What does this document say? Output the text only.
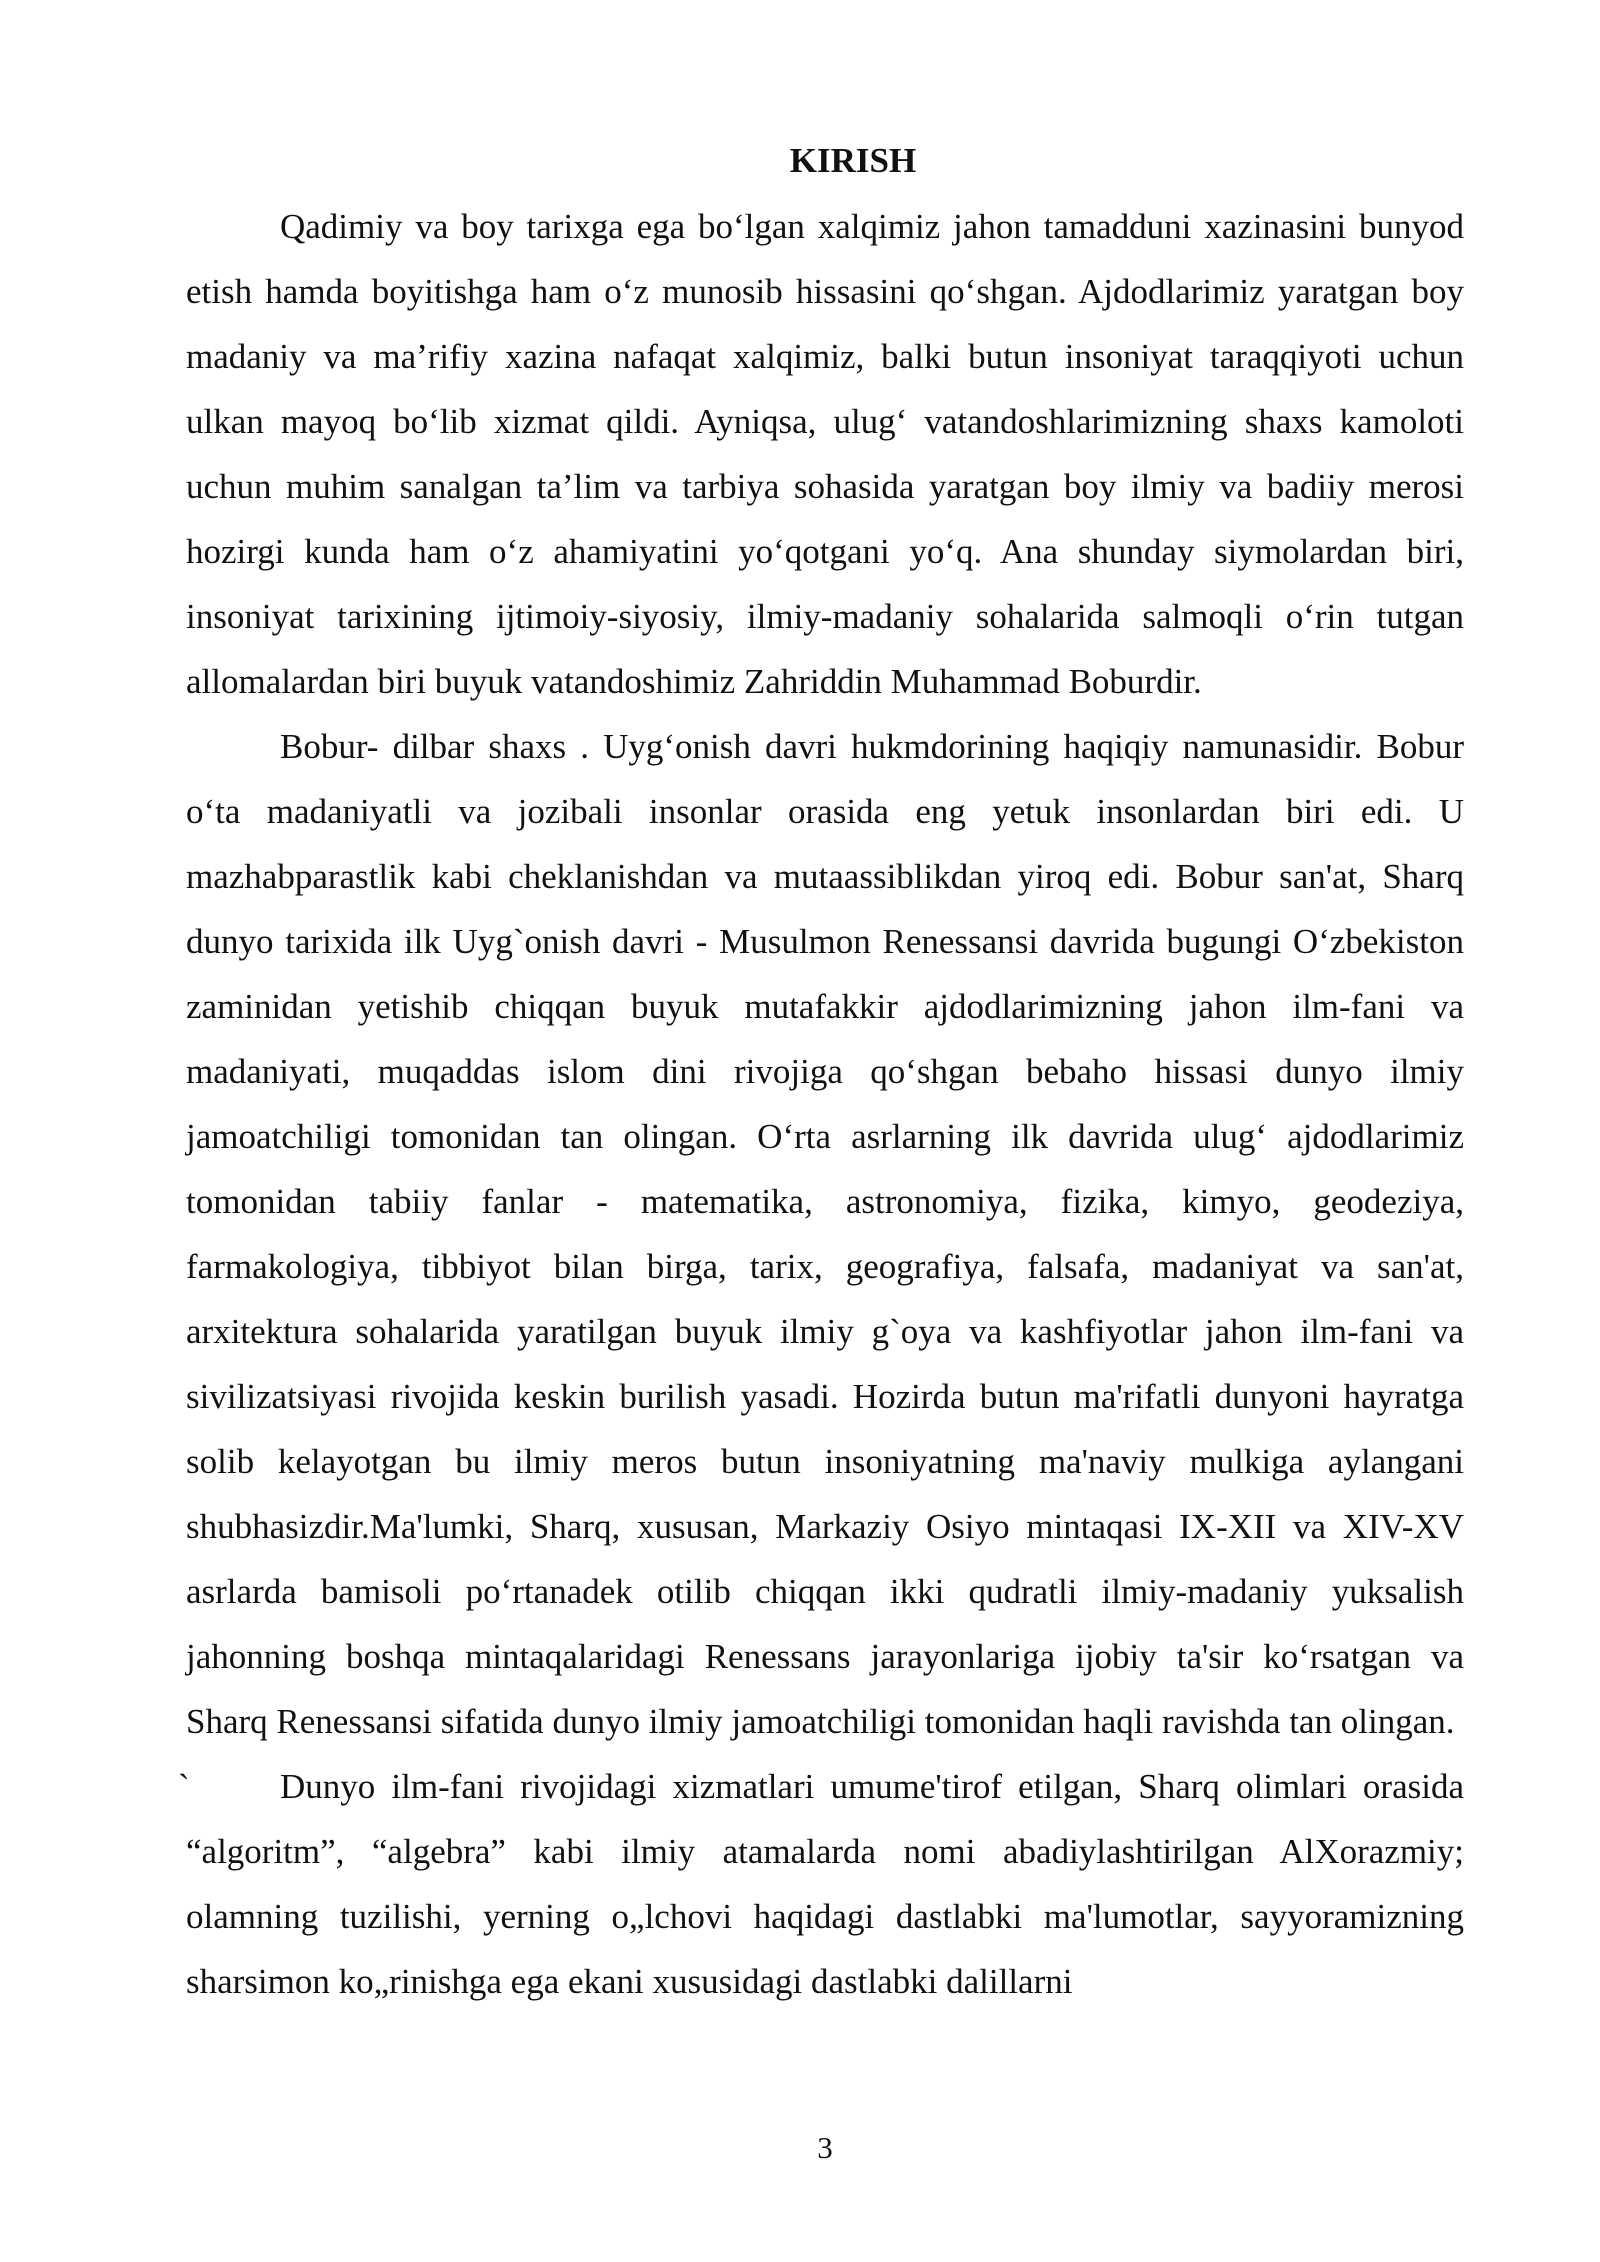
KIRISH

Qadimiy va boy tarixga ega bo‘lgan xalqimiz jahon tamadduni xazinasini bunyod etish hamda boyitishga ham o‘z munosib hissasini qo‘shgan. Ajdodlarimiz yaratgan boy madaniy va ma’rifiy xazina nafaqat xalqimiz, balki butun insoniyat taraqqiyoti uchun ulkan mayoq bo‘lib xizmat qildi. Ayniqsa, ulug‘ vatandoshlarimizning shaxs kamoloti uchun muhim sanalgan ta’lim va tarbiya sohasida yaratgan boy ilmiy va badiiy merosi hozirgi kunda ham o‘z ahamiyatini yo‘qotgani yo‘q. Ana shunday siymolardan biri, insoniyat tarixining ijtimoiy-siyosiy, ilmiy-madaniy sohalarida salmoqli o‘rin tutgan allomalardan biri buyuk vatandoshimiz Zahriddin Muhammad Boburdir.

Bobur- dilbar shaxs . Uyg‘onish davri hukmdorining haqiqiy namunasidir. Bobur o‘ta madaniyatli va jozibali insonlar orasida eng yetuk insonlardan biri edi. U mazhabparastlik kabi cheklanishdan va mutaassiblikdan yiroq edi. Bobur san'at, Sharq dunyo tarixida ilk Uyg`onish davri - Musulmon Renessansi davrida bugungi O‘zbekiston zaminidan yetishib chiqqan buyuk mutafakkir ajdodlarimizning jahon ilm-fani va madaniyati, muqaddas islom dini rivojiga qo‘shgan bebaho hissasi dunyo ilmiy jamoatchiligi tomonidan tan olingan. O‘rta asrlarning ilk davrida ulug‘ ajdodlarimiz tomonidan tabiiy fanlar - matematika, astronomiya, fizika, kimyo, geodeziya, farmakologiya, tibbiyot bilan birga, tarix, geografiya, falsafa, madaniyat va san'at, arxitektura sohalarida yaratilgan buyuk ilmiy g`oya va kashfiyotlar jahon ilm-fani va sivilizatsiyasi rivojida keskin burilish yasadi. Hozirda butun ma'rifatli dunyoni hayratga solib kelayotgan bu ilmiy meros butun insoniyatning ma'naviy mulkiga aylangani shubhasizdir.Ma'lumki, Sharq, xususan, Markaziy Osiyo mintaqasi IX-XII va XIV-XV asrlarda bamisoli po‘rtanadek otilib chiqqan ikki qudratli ilmiy-madaniy yuksalish jahonning boshqa mintaqalaridagi Renessans jarayonlariga ijobiy ta'sir ko‘rsatgan va Sharq Renessansi sifatida dunyo ilmiy jamoatchiligi tomonidan haqli ravishda tan olingan.

`	Dunyo ilm-fani rivojidagi xizmatlari umume'tirof etilgan, Sharq olimlari orasida “algoritm”, “algebra” kabi ilmiy atamalarda nomi abadiylashtirilgan AlXorazmiy; olamning tuzilishi, yerning o„lchovi haqidagi dastlabki ma'lumotlar, sayyoramizning sharsimon ko„rinishga ega ekani xususidagi dastlabki dalillarni

3
